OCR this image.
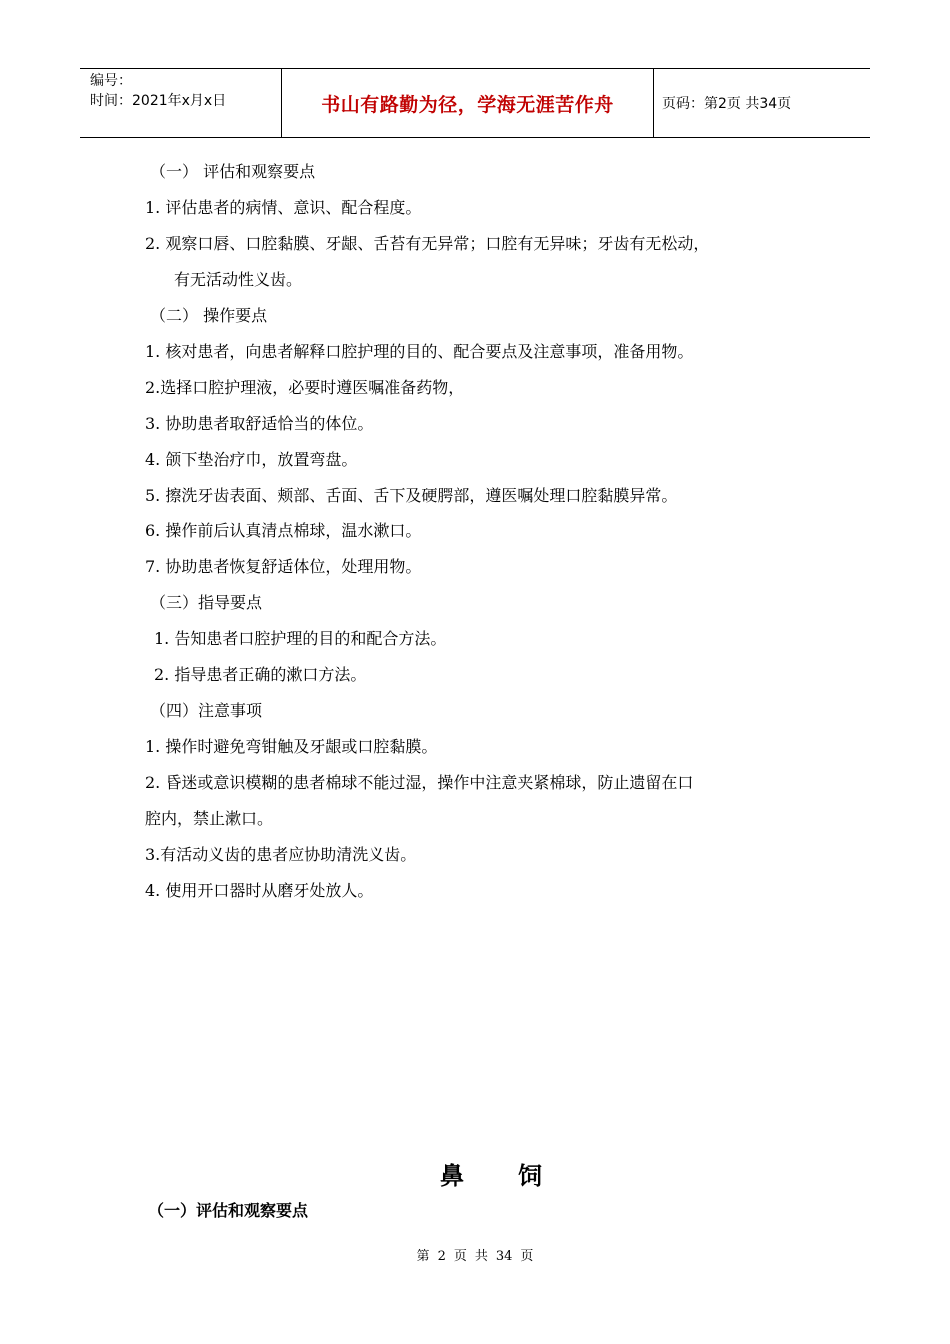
编号：
时间：2021年x月x日	书山有路勤为径，学海无涯苦作舟	页码：第2页 共34页
（一） 评估和观察要点
1. 评估患者的病情、意识、配合程度。
2. 观察口唇、口腔黏膜、牙龈、舌苔有无异常；口腔有无异味；牙齿有无松动，
有无活动性义齿。
（二） 操作要点
1. 核对患者，向患者解释口腔护理的目的、配合要点及注意事项，准备用物。
2.选择口腔护理液，必要时遵医嘱准备药物，
3. 协助患者取舒适恰当的体位。
4. 颌下垫治疗巾，放置弯盘。
5. 擦洗牙齿表面、颊部、舌面、舌下及硬腭部，遵医嘱处理口腔黏膜异常。
6. 操作前后认真清点棉球，温水漱口。
7. 协助患者恢复舒适体位，处理用物。
（三）指导要点
1. 告知患者口腔护理的目的和配合方法。
2. 指导患者正确的漱口方法。
（四）注意事项
1. 操作时避免弯钳触及牙龈或口腔黏膜。
2. 昏迷或意识模糊的患者棉球不能过湿，操作中注意夹紧棉球，防止遗留在口
腔内，禁止漱口。
3.有活动义齿的患者应协助清洗义齿。
4. 使用开口器时从磨牙处放人。
鼻饲
（一）评估和观察要点
第 2 页 共 34 页
